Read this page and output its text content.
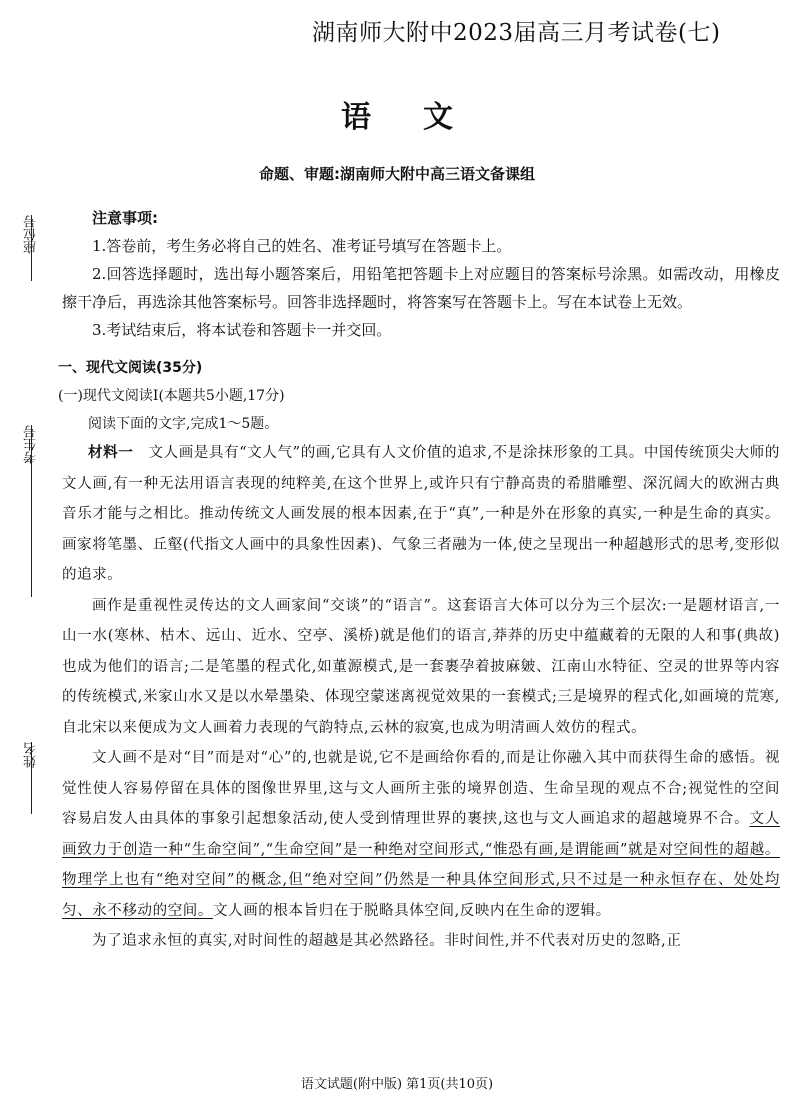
湖南师大附中2023届高三月考试卷(七)
语文
命题、审题:湖南师大附中高三语文备课组
座位号
考生号
姓名

注意事项:

1.答卷前，考生务必将自己的姓名、准考证号填写在答题卡上。

2.回答选择题时，选出每小题答案后，用铅笔把答题卡上对应题目的答案标号涂黑。如需改动，用橡皮擦干净后，再选涂其他答案标号。回答非选择题时，将答案写在答题卡上。写在本试卷上无效。

3.考试结束后，将本试卷和答题卡一并交回。

一、现代文阅读(35分)

(一)现代文阅读Ⅰ(本题共5小题,17分)

阅读下面的文字,完成1～5题。

材料一　 文人画是具有“文人气”的画,它具有人文价值的追求,不是涂抹形象的工具。中国传统顶尖大师的文人画,有一种无法用语言表现的纯粹美,在这个世界上,或许只有宁静高贵的希腊雕塑、深沉阔大的欧洲古典音乐才能与之相比。推动传统文人画发展的根本因素,在于“真”,一种是外在形象的真实,一种是生命的真实。画家将笔墨、丘壑(代指文人画中的具象性因素)、气象三者融为一体,使之呈现出一种超越形式的思考,变形似的追求。

画作是重视性灵传达的文人画家间“交谈”的“语言”。这套语言大体可以分为三个层次:一是题材语言,一山一水(寒林、枯木、远山、近水、空亭、溪桥)就是他们的语言,莽莽的历史中蕴藏着的无限的人和事(典故)也成为他们的语言;二是笔墨的程式化,如董源模式,是一套裹孕着披麻皴、江南山水特征、空灵的世界等内容的传统模式,米家山水又是以水晕墨染、体现空蒙迷离视觉效果的一套模式;三是境界的程式化,如画境的荒寒,自北宋以来便成为文人画着力表现的气韵特点,云林的寂寞,也成为明清画人效仿的程式。

文人画不是对“目”而是对“心”的,也就是说,它不是画给你看的,而是让你融入其中而获得生命的感悟。视觉性使人容易停留在具体的图像世界里,这与文人画所主张的境界创造、生命呈现的观点不合;视觉性的空间容易启发人由具体的事象引起想象活动,使人受到情理世界的裹挟,这也与文人画追求的超越境界不合。文人画致力于创造一种“生命空间”,“生命空间”是一种绝对空间形式,“惟恐有画,是谓能画”就是对空间性的超越。物理学上也有“绝对空间”的概念,但“绝对空间”仍然是一种具体空间形式,只不过是一种永恒存在、处处均匀、永不移动的空间。文人画的根本旨归在于脱略具体空间,反映内在生命的逻辑。

为了追求永恒的真实,对时间性的超越是其必然路径。非时间性,并不代表对历史的忽略,正

语文试题(附中版) 第1页(共10页)
